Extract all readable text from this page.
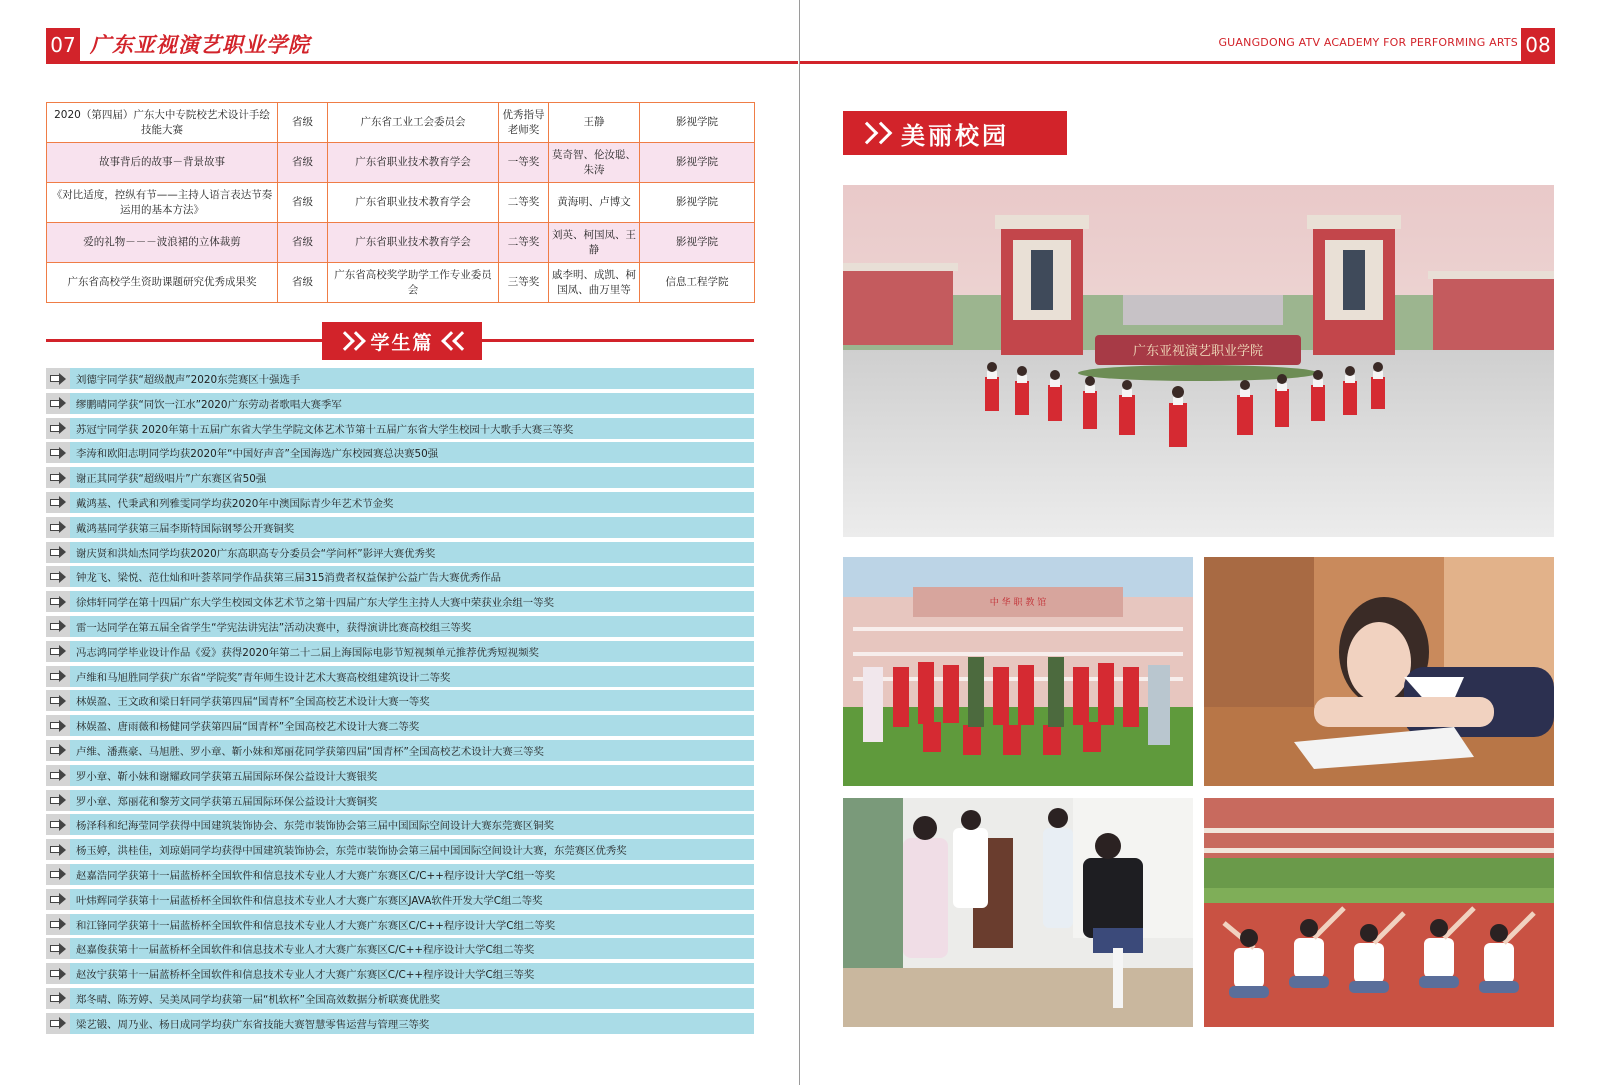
07 广东亚视演艺职业学院	GUANGDONG ATV ACADEMY FOR PERFORMING ARTS 08
2020（第四届）广东大中专院校艺术设计手绘技能大赛	省级	广东省工业工会委员会	优秀指导老师奖	王静	影视学院
故事背后的故事－背景故事	省级	广东省职业技术教育学会	一等奖	莫奇智、伦汝聪、朱涛	影视学院
《对比适度，控纵有节——主持人语言表达节奏运用的基本方法》	省级	广东省职业技术教育学会	二等奖	黄海明、卢博文	影视学院
爱的礼物－－－波浪裙的立体裁剪	省级	广东省职业技术教育学会	二等奖	刘英、柯国凤、王静	影视学院
广东省高校学生资助课题研究优秀成果奖	省级	广东省高校奖学助学工作专业委员会	三等奖	戚李明、成凯、柯国凤、曲万里等	信息工程学院
学生篇
刘德宇同学获“超级靓声”2020东莞赛区十强选手
缪鹏晴同学获“同饮一江水”2020广东劳动者歌唱大赛季军
苏冠宁同学获 2020年第十五届广东省大学生学院文体艺术节第十五届广东省大学生校园十大歌手大赛三等奖
李涛和欧阳志明同学均获2020年“中国好声音”全国海选广东校园赛总决赛50强
谢正其同学获“超级唱片”广东赛区省50强
戴鸿基、代秉武和列雅雯同学均获2020年中澳国际青少年艺术节金奖
戴鸿基同学获第三届李斯特国际钢琴公开赛铜奖
谢庆贤和洪灿杰同学均获2020广东高职高专分委员会“学问杯”影评大赛优秀奖
钟龙飞、梁悦、范仕灿和叶荟萃同学作品获第三届315消费者权益保护公益广告大赛优秀作品
徐炜轩同学在第十四届广东大学生校园文体艺术节之第十四届广东大学生主持人大赛中荣获业余组一等奖
雷一达同学在第五届全省学生“学宪法讲宪法”活动决赛中，获得演讲比赛高校组三等奖
冯志鸿同学毕业设计作品《爱》获得2020年第二十二届上海国际电影节短视频单元推荐优秀短视频奖
卢维和马旭胜同学获广东省“学院奖”青年师生设计艺术大赛高校组建筑设计二等奖
林娱盈、王文政和梁日轩同学获第四届“国青杯”全国高校艺术设计大赛一等奖
林娱盈、唐雨薇和杨健同学获第四届“国青杯”全国高校艺术设计大赛二等奖
卢维、潘燕豪、马旭胜、罗小章、靳小妹和郑丽花同学获第四届“国青杯”全国高校艺术设计大赛三等奖
罗小章、靳小妹和谢耀政同学获第五届国际环保公益设计大赛银奖
罗小章、郑丽花和黎芳文同学获第五届国际环保公益设计大赛铜奖
杨泽科和纪海莹同学获得中国建筑装饰协会、东莞市装饰协会第三届中国国际空间设计大赛东莞赛区铜奖
杨玉婷，洪桂佳，刘琼娟同学均获得中国建筑装饰协会，东莞市装饰协会第三届中国国际空间设计大赛，东莞赛区优秀奖
赵嘉浩同学获第十一届蓝桥杯全国软件和信息技术专业人才大赛广东赛区C/C++程序设计大学C组一等奖
叶炜辉同学获第十一届蓝桥杯全国软件和信息技术专业人才大赛广东赛区JAVA软件开发大学C组二等奖
和江锋同学获第十一届蓝桥杯全国软件和信息技术专业人才大赛广东赛区C/C++程序设计大学C组二等奖
赵嘉俊获第十一届蓝桥杯全国软件和信息技术专业人才大赛广东赛区C/C++程序设计大学C组二等奖
赵汝宁获第十一届蓝桥杯全国软件和信息技术专业人才大赛广东赛区C/C++程序设计大学C组三等奖
郑冬晴、陈芳婷、吴美凤同学均获第一届“机软杯”全国高效数据分析联赛优胜奖
梁艺锻、周乃业、杨日成同学均获广东省技能大赛智慧零售运营与管理三等奖
美丽校园
广东亚视演艺职业学院
中 华 职 教 馆
